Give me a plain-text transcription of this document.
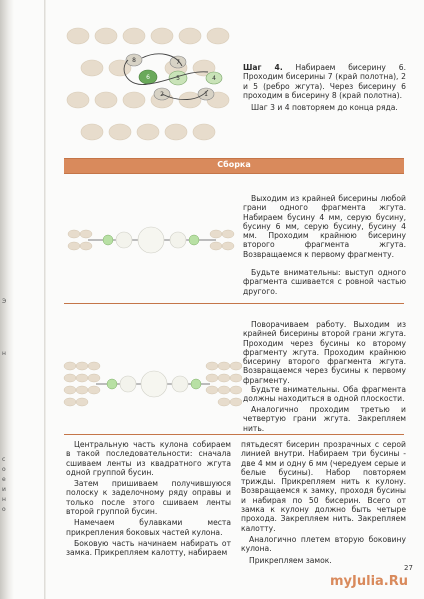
Э
н
с
о
е
и
н
о
8	7
6	5	4
2	1
Шаг 4. Набираем бисерину 6. Проходим бисерины 7 (край полотна), 2 и 5 (ребро жгута). Через бисерину 6 проходим в бисерину 8 (край полотна).
Шаг 3 и 4 повторяем до конца ряда.
Сборка
Выходим из крайней бисерины любой грани одного фрагмента жгута. Набираем бусину 4 мм, серую бусину, бусину 6 мм, серую бусину, бусину 4 мм. Проходим крайнюю бисерину второго фрагмента жгута. Возвращаемся к первому фрагменту.
Будьте внимательны: выступ одного фрагмента сшивается с ровной частью другого.
Поворачиваем работу. Выходим из крайней бисерины второй грани жгута. Проходим через бусины ко второму фрагменту жгута. Проходим крайнюю бисерину второго фрагмента жгута. Возвращаемся через бусины к первому фрагменту.
Будьте внимательны. Оба фрагмента должны находиться в одной плоскости.
Аналогично проходим третью и четвертую грани жгута. Закрепляем нить.
Центральную часть кулона собираем в такой последовательности: сначала сшиваем ленты из квадратного жгута одной группой бусин.
Затем пришиваем получившуюся полоску к заделочному ряду оправы и только после этого сшиваем ленты второй группой бусин.
Намечаем булавками места прикрепления боковых частей кулона.
Боковую часть начинаем набирать от замка. Прикрепляем калотту, набираем
пятьдесят бисерин прозрачных с серой линией внутри. Набираем три бусины - две 4 мм и одну 6 мм (чередуем серые и белые бусины). Набор повторяем трижды. Прикрепляем нить к кулону. Возвращаемся к замку, проходя бусины и набирая по 50 бисерин. Всего от замка к кулону должно быть четыре прохода. Закрепляем нить. Закрепляем калотту.
Аналогично плетем вторую боковину кулона.
Прикрепляем замок.
27
myJulia.Ru
